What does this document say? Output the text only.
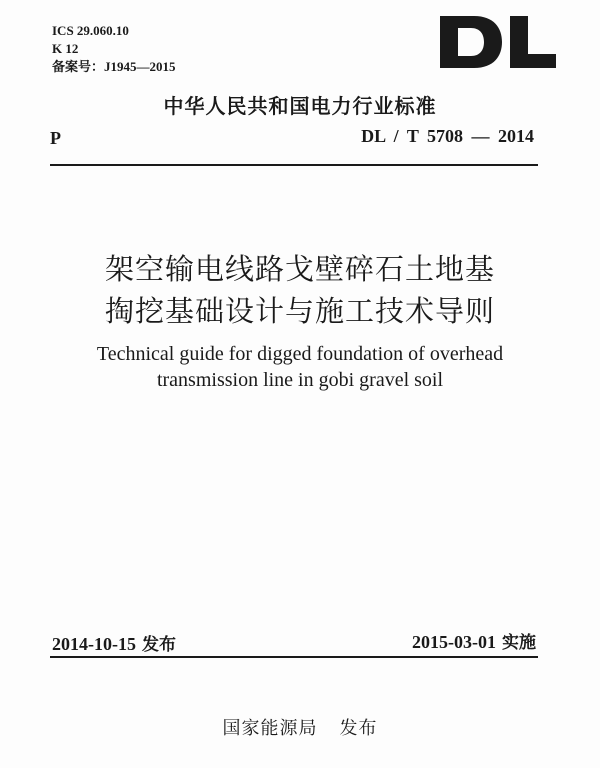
ICS 29.060.10
K 12
备案号：J1945—2015
中华人民共和国电力行业标准
P	DL / T 5708 — 2014
架空输电线路戈壁碎石土地基
掏挖基础设计与施工技术导则
Technical guide for digged foundation of overhead
transmission line in gobi gravel soil
2014-10-15 发布	2015-03-01 实施
国家能源局 发布
